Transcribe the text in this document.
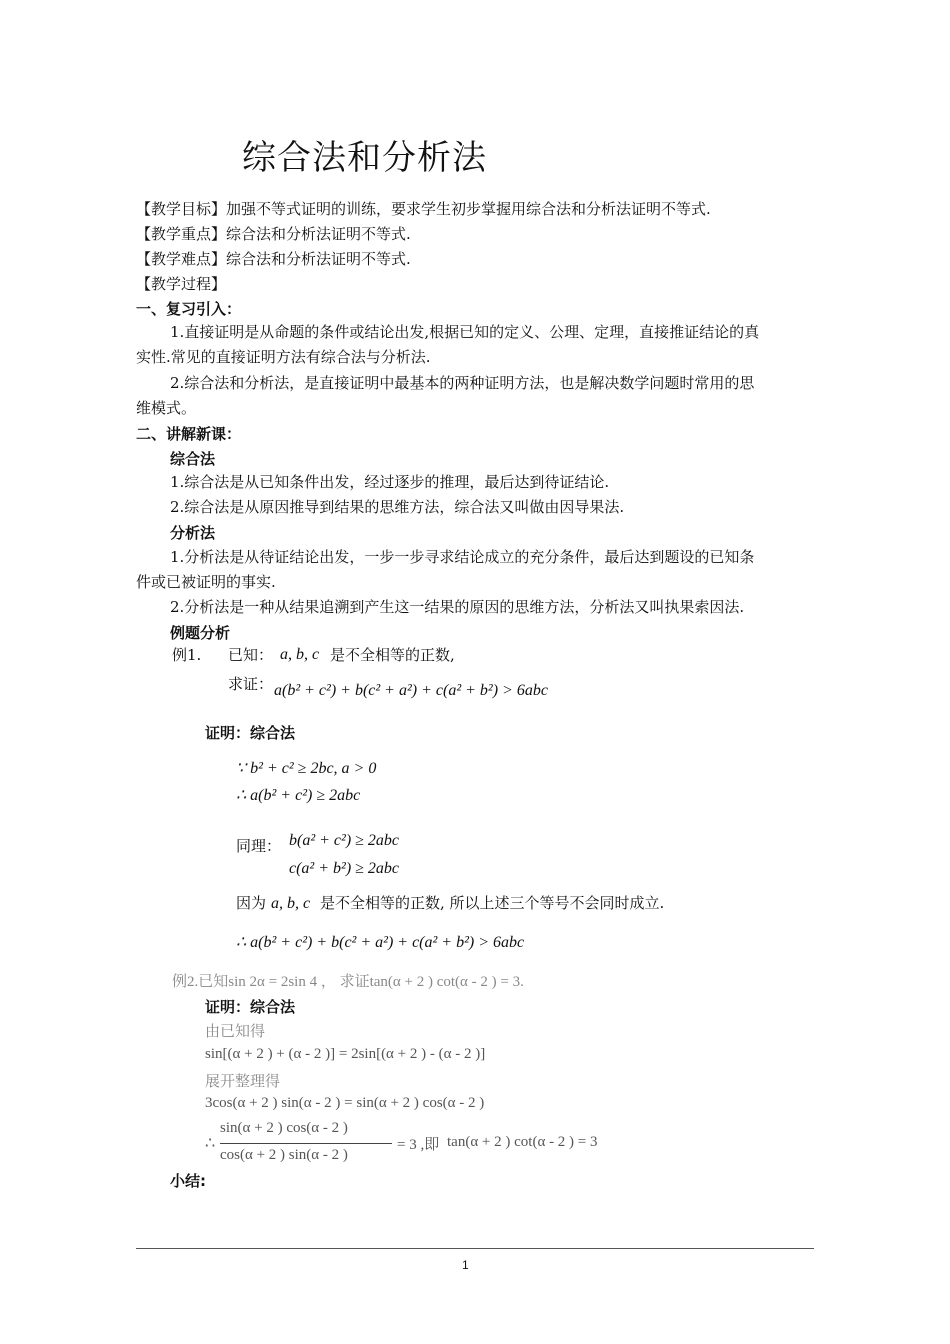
综合法和分析法
【教学目标】加强不等式证明的训练，要求学生初步掌握用综合法和分析法证明不等式.
【教学重点】综合法和分析法证明不等式.
【教学难点】综合法和分析法证明不等式.
【教学过程】
一、复习引入：
1.直接证明是从命题的条件或结论出发,根据已知的定义、公理、定理，直接推证结论的真
实性.常见的直接证明方法有综合法与分析法.
2.综合法和分析法，是直接证明中最基本的两种证明方法，也是解决数学问题时常用的思
维模式。
二、讲解新课：
综合法
1.综合法是从已知条件出发，经过逐步的推理，最后达到待证结论.
2.综合法是从原因推导到结果的思维方法，综合法又叫做由因导果法.
分析法
1.分析法是从待证结论出发，一步一步寻求结论成立的充分条件，最后达到题设的已知条
件或已被证明的事实.
2.分析法是一种从结果追溯到产生这一结果的原因的思维方法，分析法又叫执果索因法.
例题分析
例1. 已知： a, b, c 是不全相等的正数,
求证： a(b² + c²) + b(c² + a²) + c(a² + b²) > 6abc
证明：综合法
∵ b² + c² ≥ 2bc, a > 0
∴ a(b² + c²) ≥ 2abc
同理： b(a² + c²) ≥ 2abc
c(a² + b²) ≥ 2abc
因为 a, b, c 是不全相等的正数, 所以上述三个等号不会同时成立.
∴ a(b² + c²) + b(c² + a²) + c(a² + b²) > 6abc
例2.已知sin 2α = 2sin 4 ， 求证tan(α + 2 ) cot(α - 2 ) = 3.
证明：综合法
由已知得
sin[(α + 2 ) + (α - 2 )] = 2sin[(α + 2 ) - (α - 2 )]
展开整理得
3cos(α + 2 ) sin(α - 2 ) = sin(α + 2 ) cos(α - 2 )
∴
sin(α + 2 ) cos(α - 2 )
cos(α + 2 ) sin(α - 2 )
= 3 ,即 tan(α + 2 ) cot(α - 2 ) = 3
小结:
1
